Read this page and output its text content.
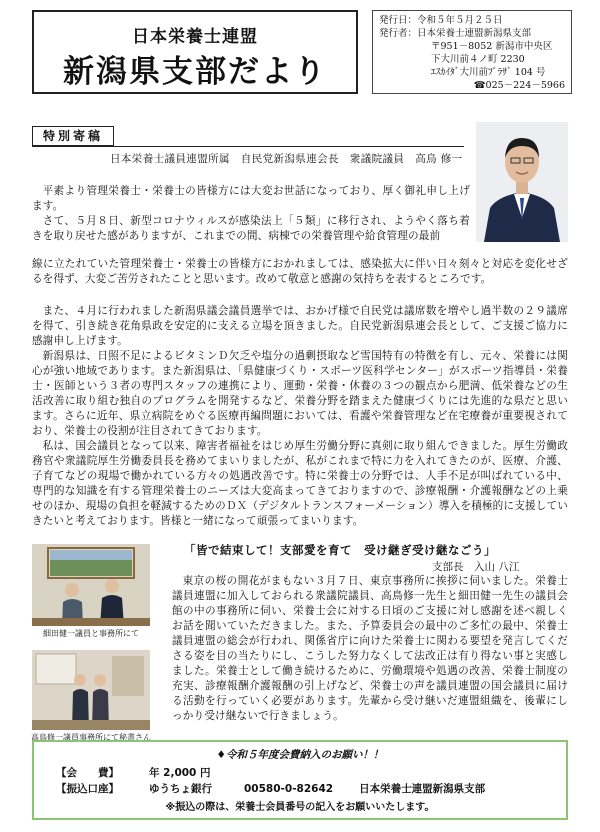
日本栄養士連盟
新潟県支部だより
発行日：令和５年５月２５日
発行者：日本栄養士連盟新潟県支部
〒951－8052 新潟市中央区
下大川前４ノ町 2230
ｴｽｶｲﾀﾞ大川前ﾌﾟﾗｻﾞ 104 号
☎025－224－5966
特別寄稿
日本栄養士議員連盟所属　自民党新潟県連会長　衆議院議員　高鳥 修一

平素より管理栄養士・栄養士の皆様方には大変お世話になっており、厚く御礼申し上げます。

さて、５月８日、新型コロナウィルスが感染法上「５類」に移行され、ようやく落ち着きを取り戻せた感がありますが、これまでの間、病棟での栄養管理や給食管理の最前

線に立たれていた管理栄養士・栄養士の皆様方におかれましては、感染拡大に伴い日々刻々と対応を変化せざるを得ず、大変ご苦労されたことと思います。改めて敬意と感謝の気持ちを表するところです。

また、４月に行われました新潟県議会議員選挙では、おかげ様で自民党は議席数を増やし過半数の２９議席を得て、引き続き花角県政を安定的に支える立場を頂きました。自民党新潟県連会長として、ご支援ご協力に感謝申し上げます。

新潟県は、日照不足によるビタミンＤ欠乏や塩分の過剰摂取など雪国特有の特徴を有し、元々、栄養には関心が強い地域であります。また新潟県は、「県健康づくり・スポーツ医科学センター」がスポーツ指導員・栄養士・医師という３者の専門スタッフの連携により、運動・栄養・休養の３つの観点から肥満、低栄養などの生活改善に取り組む独自のプログラムを開発するなど、栄養分野を踏まえた健康づくりには先進的な県だと思います。さらに近年、県立病院をめぐる医療再編問題においては、看護や栄養管理など在宅療養が重要視されており、栄養士の役割が注目されてきております。

私は、国会議員となって以来、障害者福祉をはじめ厚生労働分野に真剣に取り組んできました。厚生労働政務官や衆議院厚生労働委員長を務めてまいりましたが、私がこれまで特に力を入れてきたのが、医療、介護、子育てなどの現場で働かれている方々の処遇改善です。特に栄養士の分野では、人手不足が叫ばれている中、専門的な知識を有する管理栄養士のニーズは大変高まってきておりますので、診療報酬・介護報酬などの上乗せのほか、現場の負担を軽減するためのＤＸ（デジタルトランスフォーメーション）導入を積極的に支援していきたいと考えております。皆様と一緒になって頑張ってまいります。

細田健一議員と事務所にて
高鳥修一議員事務所にて秘書さん
「皆で結束して！支部愛を育て　受け継ぎ受け継なごう」
支部長　入山 八江

東京の桜の開花がまもない３月７日、東京事務所に挨拶に伺いました。栄養士議員連盟に加入しておられる衆議院議員、高鳥修一先生と細田健一先生の議員会館の中の事務所に伺い、栄養士会に対する日頃のご支援に対し感謝を述べ親しくお話を聞いていただきました。また、予算委員会の最中のご多忙の最中、栄養士議員連盟の総会が行われ、関係省庁に向けた栄養士に関わる要望を発言してくださる姿を目の当たりにし、こうした努力なくして法改正は有り得ない事と実感しました。栄養士として働き続けるために、労働環境や処遇の改善、栄養士制度の充実、診療報酬介護報酬の引上げなど、栄養士の声を議員連盟の国会議員に届ける活動を行っていく必要があります。先輩から受け継いだ連盟組織を、後輩にしっかり受け継ないで行きましょう。

♦令和５年度会費納入のお願い！！
【会　　費】	年 2,000 円
【振込口座】	ゆうちょ銀行	00580-0-82642 日本栄養士連盟新潟県支部
※振込の際は、栄養士会員番号の記入をお願いいたします。
